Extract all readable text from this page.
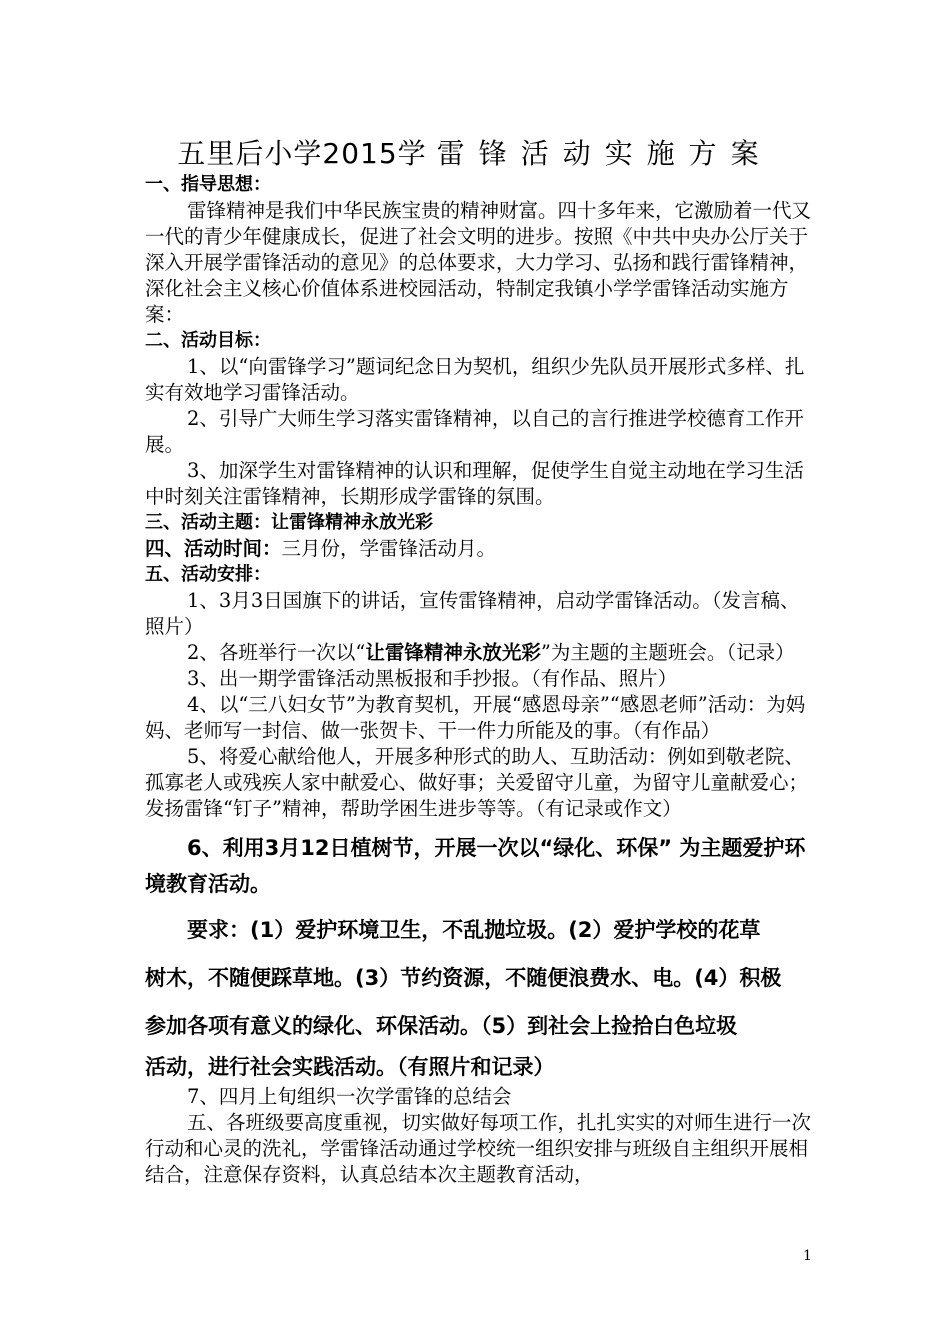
五里后小学2015学 雷锋活动实施方案

一、指导思想：

雷锋精神是我们中华民族宝贵的精神财富。四十多年来，它激励着一代又一代的青少年健康成长，促进了社会文明的进步。按照《中共中央办公厅关于深入开展学雷锋活动的意见》的总体要求，大力学习、弘扬和践行雷锋精神，深化社会主义核心价值体系进校园活动，特制定我镇小学学雷锋活动实施方案：

二、活动目标：

1、以“向雷锋学习”题词纪念日为契机，组织少先队员开展形式多样、扎实有效地学习雷锋活动。

2、引导广大师生学习落实雷锋精神，以自己的言行推进学校德育工作开展。

3、加深学生对雷锋精神的认识和理解，促使学生自觉主动地在学习生活中时刻关注雷锋精神，长期形成学雷锋的氛围。

三、活动主题：让雷锋精神永放光彩

四、活动时间：三月份，学雷锋活动月。

五、活动安排：

1、3月3日国旗下的讲话，宣传雷锋精神，启动学雷锋活动。（发言稿、照片）

2、各班举行一次以“让雷锋精神永放光彩”为主题的主题班会。（记录）

3、出一期学雷锋活动黑板报和手抄报。（有作品、照片）

4、以“三八妇女节”为教育契机，开展“感恩母亲”“感恩老师”活动：为妈妈、老师写一封信、做一张贺卡、干一件力所能及的事。（有作品）

5、将爱心献给他人，开展多种形式的助人、互助活动：例如到敬老院、孤寡老人或残疾人家中献爱心、做好事；关爱留守儿童，为留守儿童献爱心；发扬雷锋“钉子”精神，帮助学困生进步等等。（有记录或作文）

6、利用3月12日植树节，开展一次以“绿化、环保” 为主题爱护环境教育活动。

要求：(1）爱护环境卫生，不乱抛垃圾。(2）爱护学校的花草

树木，不随便踩草地。(3）节约资源，不随便浪费水、电。(4）积极

参加各项有意义的绿化、环保活动。（5）到社会上捡拾白色垃圾

活动，进行社会实践活动。（有照片和记录）

7、四月上旬组织一次学雷锋的总结会

五、各班级要高度重视，切实做好每项工作，扎扎实实的对师生进行一次行动和心灵的洗礼，学雷锋活动通过学校统一组织安排与班级自主组织开展相结合，注意保存资料，认真总结本次主题教育活动，

1
